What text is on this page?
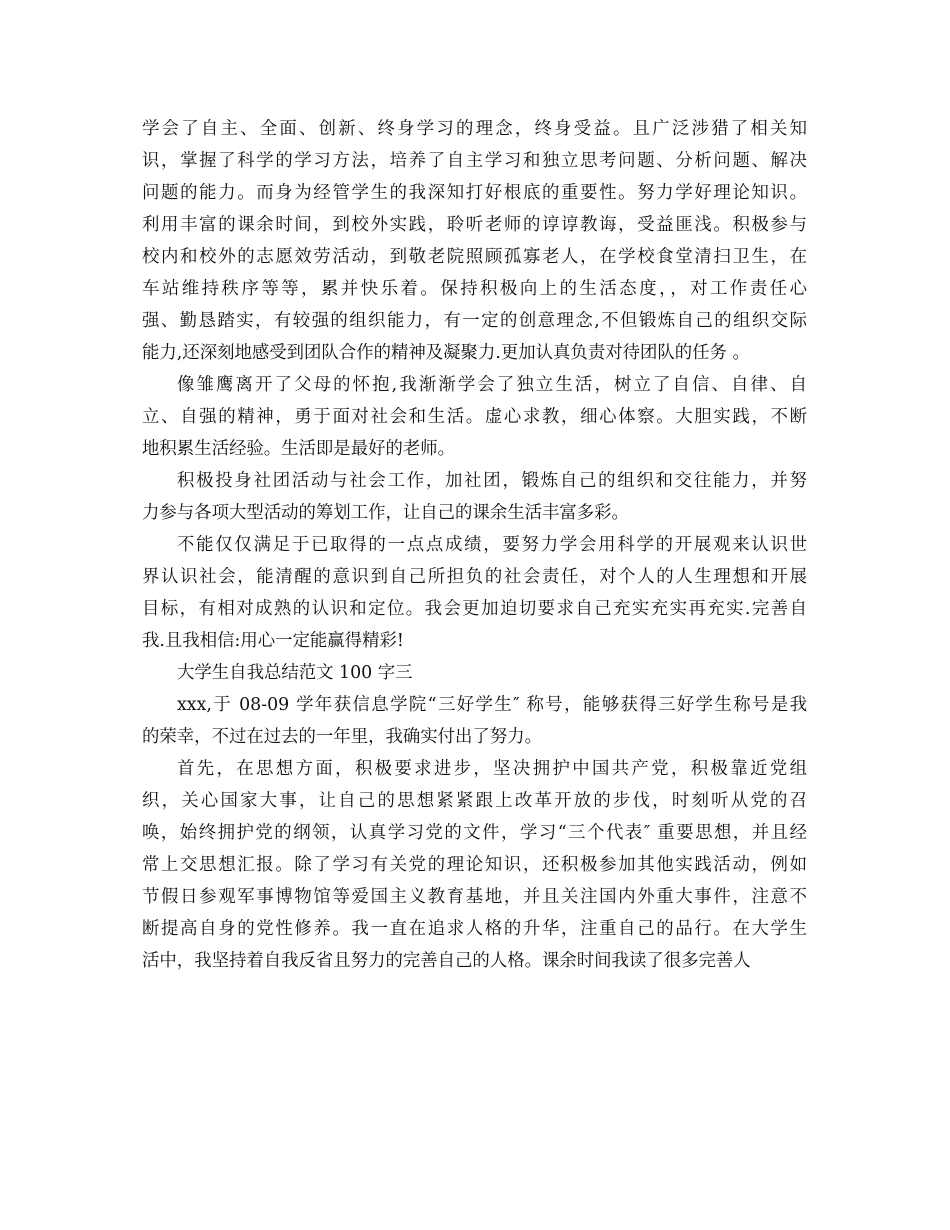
学会了自主、全面、创新、终身学习的理念，终身受益。且广泛涉猎了相关知
识，掌握了科学的学习方法，培养了自主学习和独立思考问题、分析问题、解决
问题的能力。而身为经管学生的我深知打好根底的重要性。努力学好理论知识。
利用丰富的课余时间，到校外实践，聆听老师的谆谆教诲，受益匪浅。积极参与
校内和校外的志愿效劳活动，到敬老院照顾孤寡老人，在学校食堂清扫卫生，在
车站维持秩序等等，累并快乐着。保持积极向上的生活态度，，对工作责任心
强、勤恳踏实，有较强的组织能力，有一定的创意理念,不但锻炼自己的组织交际
能力,还深刻地感受到团队合作的精神及凝聚力.更加认真负责对待团队的任务 。
像雏鹰离开了父母的怀抱,我渐渐学会了独立生活，树立了自信、自律、自
立、自强的精神，勇于面对社会和生活。虚心求教，细心体察。大胆实践，不断
地积累生活经验。生活即是最好的老师。
积极投身社团活动与社会工作，加社团，锻炼自己的组织和交往能力，并努
力参与各项大型活动的筹划工作，让自己的课余生活丰富多彩。
不能仅仅满足于已取得的一点点成绩，要努力学会用科学的开展观来认识世
界认识社会，能清醒的意识到自己所担负的社会责任，对个人的人生理想和开展
目标，有相对成熟的认识和定位。我会更加迫切要求自己充实充实再充实.完善自
我.且我相信:用心一定能赢得精彩!
大学生自我总结范文 100 字三
xxx,于 08-09 学年获信息学院“三好学生″ 称号，能够获得三好学生称号是我
的荣幸，不过在过去的一年里，我确实付出了努力。
首先，在思想方面，积极要求进步，坚决拥护中国共产党，积极靠近党组
织，关心国家大事，让自己的思想紧紧跟上改革开放的步伐，时刻听从党的召
唤，始终拥护党的纲领，认真学习党的文件，学习“三个代表″ 重要思想，并且经
常上交思想汇报。除了学习有关党的理论知识，还积极参加其他实践活动，例如
节假日参观军事博物馆等爱国主义教育基地，并且关注国内外重大事件，注意不
断提高自身的党性修养。我一直在追求人格的升华，注重自己的品行。在大学生
活中，我坚持着自我反省且努力的完善自己的人格。课余时间我读了很多完善人
